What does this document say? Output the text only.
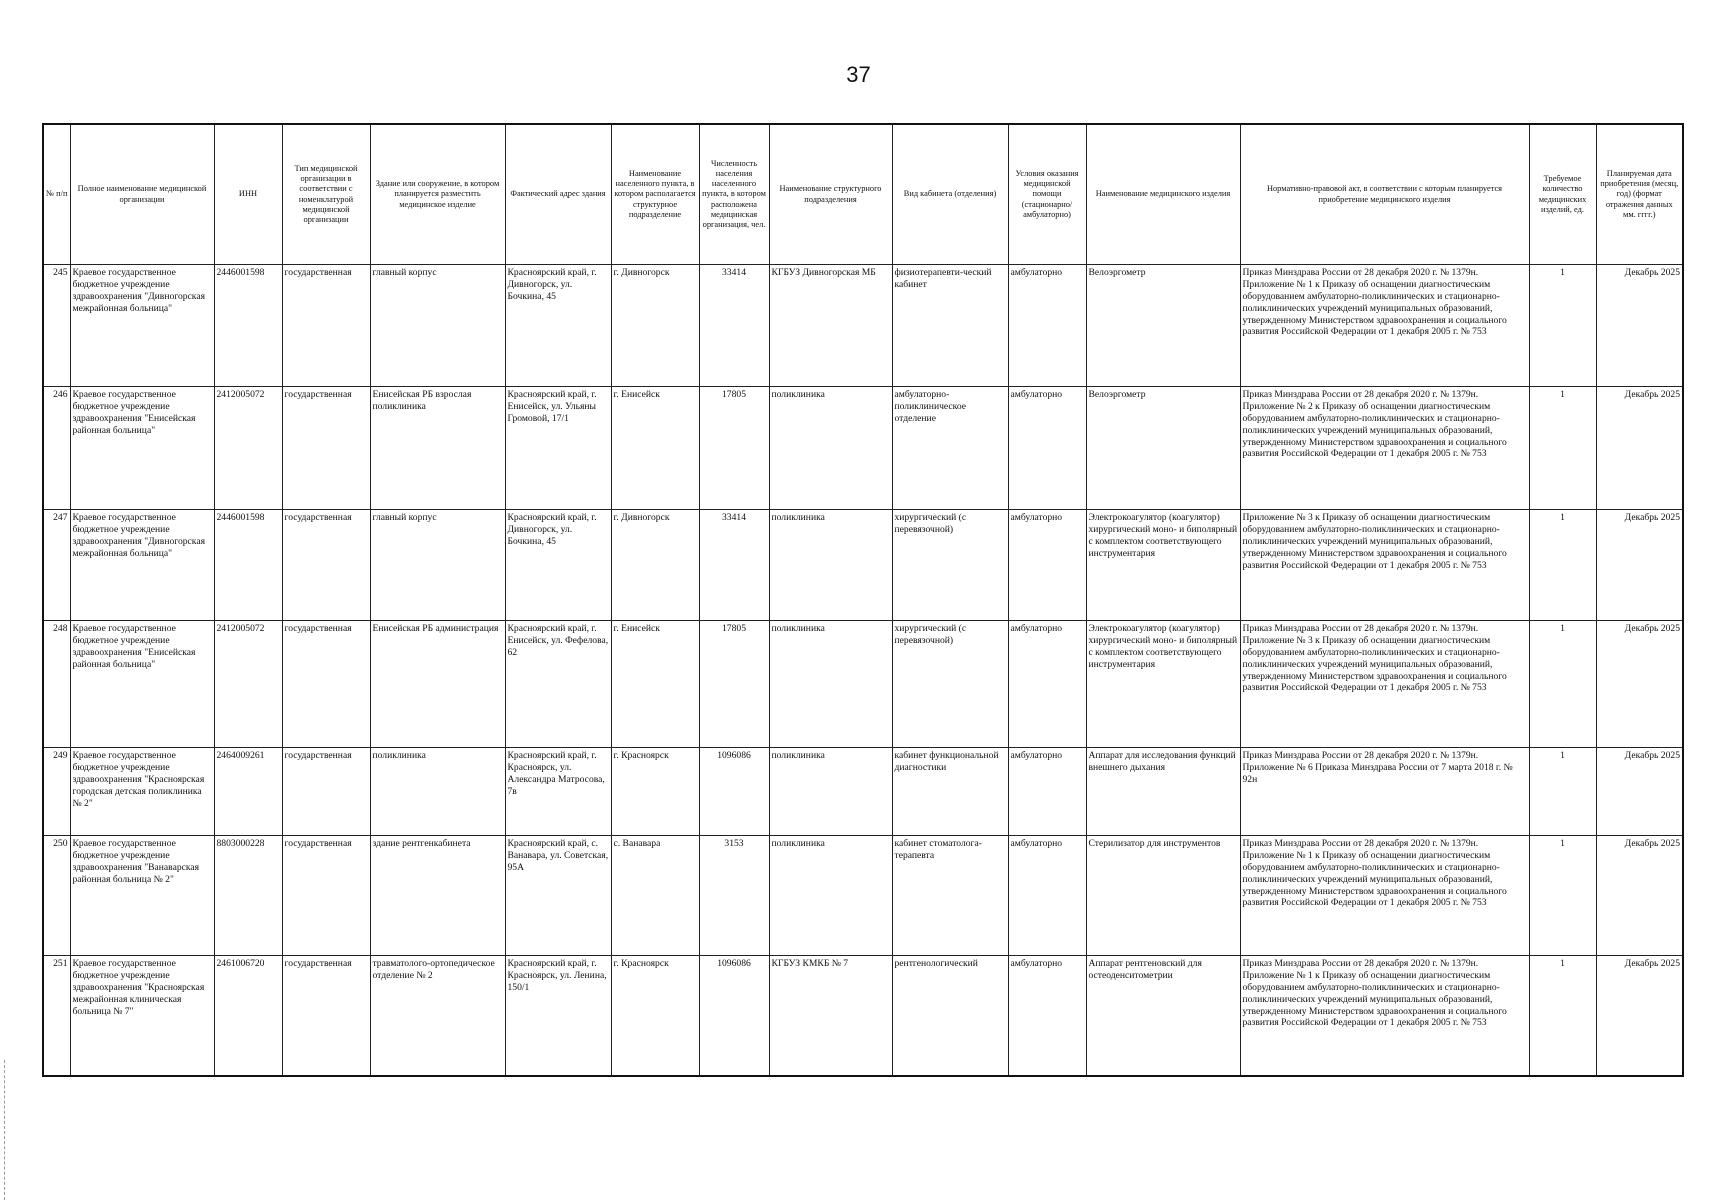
37
№ п/п	Полное наименование медицинской организации	ИНН	Тип медицинской организации в соответствии с номенклатурой медицинской организации	Здание или сооружение, в котором планируется разместить медицинское изделие	Фактический адрес здания	Наименование населенного пункта, в котором располагается структурное подразделение	Численность населения населенного пункта, в котором расположена медицинская организация, чел.	Наименование структурного подразделения	Вид кабинета (отделения)	Условия оказания медицинской помощи (стационарно/ амбулаторно)	Наименование медицинского изделия	Нормативно-правовой акт, в соответствии с которым планируется приобретение медицинского изделия	Требуемое количество медицинских изделий, ед.	Планируемая дата приобретения (месяц, год) (формат отражения данных мм. гггг.)
245	Краевое государственное бюджетное учреждение здравоохранения "Дивногорская межрайонная больница"	2446001598	государственная	главный корпус	Красноярский край, г. Дивногорск, ул. Бочкина, 45	г. Дивногорск	33414	КГБУЗ Дивногорская МБ	физиотерапевти-ческий кабинет	амбулаторно	Велоэргометр	Приказ Минздрава России от 28 декабря 2020 г. № 1379н. Приложение № 1 к Приказу об оснащении диагностическим оборудованием амбулаторно-поликлинических и стационарно-поликлинических учреждений муниципальных образований, утвержденному Министерством здравоохранения и социального развития Российской Федерации от 1 декабря 2005 г. № 753	1	Декабрь 2025
246	Краевое государственное бюджетное учреждение здравоохранения "Енисейская районная больница"	2412005072	государственная	Енисейская РБ взрослая поликлиника	Красноярский край, г. Енисейск, ул. Ульяны Громовой, 17/1	г. Енисейск	17805	поликлиника	амбулаторно-поликлиническое отделение	амбулаторно	Велоэргометр	Приказ Минздрава России от 28 декабря 2020 г. № 1379н. Приложение № 2 к Приказу об оснащении диагностическим оборудованием амбулаторно-поликлинических и стационарно-поликлинических учреждений муниципальных образований, утвержденному Министерством здравоохранения и социального развития Российской Федерации от 1 декабря 2005 г. № 753	1	Декабрь 2025
247	Краевое государственное бюджетное учреждение здравоохранения "Дивногорская межрайонная больница"	2446001598	государственная	главный корпус	Красноярский край, г. Дивногорск, ул. Бочкина, 45	г. Дивногорск	33414	поликлиника	хирургический (с перевязочной)	амбулаторно	Электрокоагулятор (коагулятор) хирургический моно- и биполярный с комплектом соответствующего инструментария	Приложение № 3 к Приказу об оснащении диагностическим оборудованием амбулаторно-поликлинических и стационарно-поликлинических учреждений муниципальных образований, утвержденному Министерством здравоохранения и социального развития Российской Федерации от 1 декабря 2005 г. № 753	1	Декабрь 2025
248	Краевое государственное бюджетное учреждение здравоохранения "Енисейская районная больница"	2412005072	государственная	Енисейская РБ администрация	Красноярский край, г. Енисейск, ул. Фефелова, 62	г. Енисейск	17805	поликлиника	хирургический (с перевязочной)	амбулаторно	Электрокоагулятор (коагулятор) хирургический моно- и биполярный с комплектом соответствующего инструментария	Приказ Минздрава России от 28 декабря 2020 г. № 1379н. Приложение № 3 к Приказу об оснащении диагностическим оборудованием амбулаторно-поликлинических и стационарно-поликлинических учреждений муниципальных образований, утвержденному Министерством здравоохранения и социального развития Российской Федерации от 1 декабря 2005 г. № 753	1	Декабрь 2025
249	Краевое государственное бюджетное учреждение здравоохранения "Красноярская городская детская поликлиника № 2"	2464009261	государственная	поликлиника	Красноярский край, г. Красноярск, ул. Александра Матросова, 7в	г. Красноярск	1096086	поликлиника	кабинет функциональной диагностики	амбулаторно	Аппарат для исследования функций внешнего дыхания	Приказ Минздрава России от 28 декабря 2020 г. № 1379н. Приложение № 6 Приказа Минздрава России от 7 марта 2018 г. № 92н	1	Декабрь 2025
250	Краевое государственное бюджетное учреждение здравоохранения "Ванаварская районная больница № 2"	8803000228	государственная	здание рентгенкабинета	Красноярский край, с. Ванавара, ул. Советская, 95А	с. Ванавара	3153	поликлиника	кабинет стоматолога-терапевта	амбулаторно	Стерилизатор для инструментов	Приказ Минздрава России от 28 декабря 2020 г. № 1379н. Приложение № 1 к Приказу об оснащении диагностическим оборудованием амбулаторно-поликлинических и стационарно-поликлинических учреждений муниципальных образований, утвержденному Министерством здравоохранения и социального развития Российской Федерации от 1 декабря 2005 г. № 753	1	Декабрь 2025
251	Краевое государственное бюджетное учреждение здравоохранения "Красноярская межрайонная клиническая больница № 7"	2461006720	государственная	травматолого-ортопедическое отделение № 2	Красноярский край, г. Красноярск, ул. Ленина, 150/1	г. Красноярск	1096086	КГБУЗ КМКБ № 7	рентгенологический	амбулаторно	Аппарат рентгеновский для остеоденситометрии	Приказ Минздрава России от 28 декабря 2020 г. № 1379н. Приложение № 1 к Приказу об оснащении диагностическим оборудованием амбулаторно-поликлинических и стационарно-поликлинических учреждений муниципальных образований, утвержденному Министерством здравоохранения и социального развития Российской Федерации от 1 декабря 2005 г. № 753	1	Декабрь 2025
